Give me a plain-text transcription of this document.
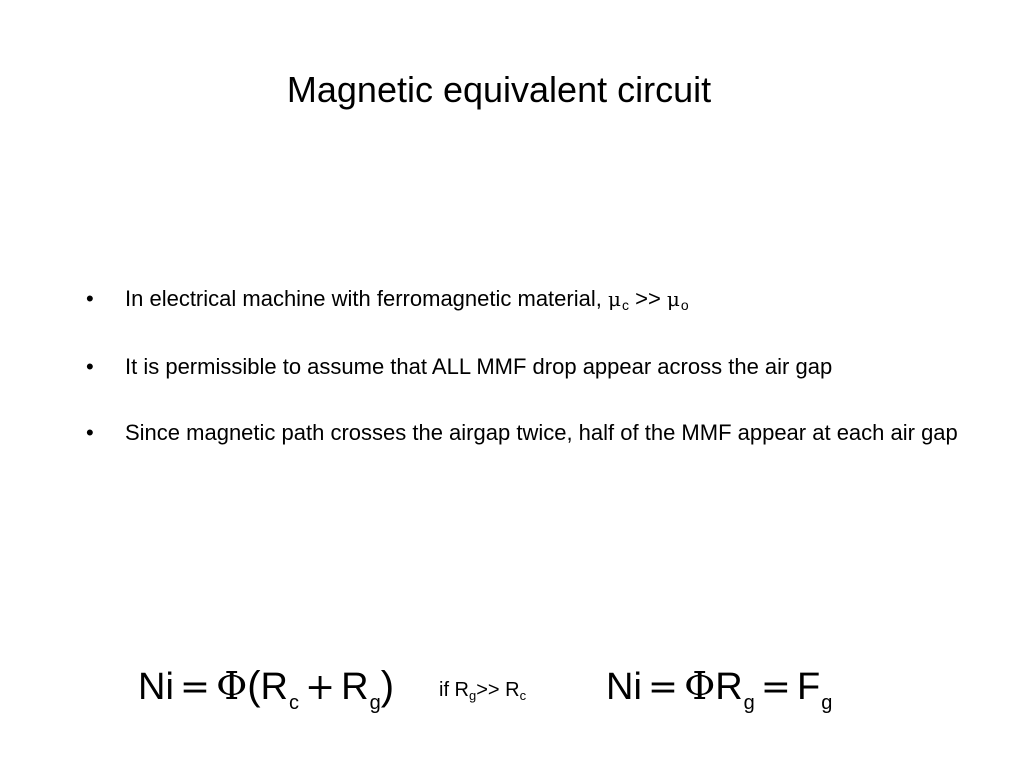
Magnetic equivalent circuit
• In electrical machine with ferromagnetic material, μc >> μo
• It is permissible to assume that ALL MMF drop appear across the air gap
• Since magnetic path crosses the airgap twice, half of the MMF appear at each air gap
$Ni = \Phi(R_c + R_g)$ if $R_g>> R_c$ $Ni = \Phi R_g = F_g$
